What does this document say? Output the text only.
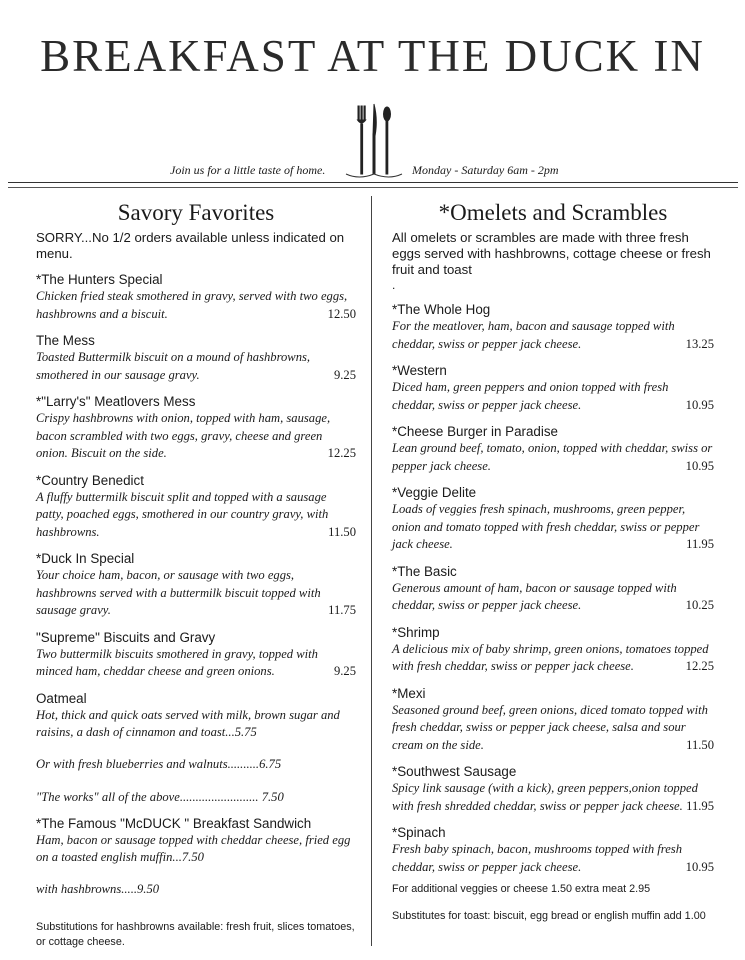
BREAKFAST AT THE DUCK IN
Join us for a little taste of home.	Monday - Saturday 6am - 2pm
Savory Favorites
SORRY...No 1/2 orders available unless indicated on menu.
*The Hunters Special
Chicken fried steak smothered in gravy, served with two eggs, hashbrowns and a biscuit.	12.50
The Mess
Toasted Buttermilk biscuit on a mound of hashbrowns, smothered in our sausage gravy.	9.25
*"Larry's" Meatlovers Mess
Crispy hashbrowns with onion, topped with ham, sausage, bacon scrambled with two eggs, gravy, cheese and green onion. Biscuit on the side.	12.25
*Country Benedict
A fluffy buttermilk biscuit split and topped with a sausage patty, poached eggs, smothered in our country gravy, with hashbrowns.	11.50
*Duck In Special
Your choice ham, bacon, or sausage with two eggs, hashbrowns served with a buttermilk biscuit topped with sausage gravy.	11.75
"Supreme" Biscuits and Gravy
Two buttermilk biscuits smothered in gravy, topped with minced ham, cheddar cheese and green onions.	9.25
Oatmeal
Hot, thick and quick oats served with milk, brown sugar and raisins, a dash of cinnamon and toast...5.75
Or with fresh blueberries and walnuts..........6.75
"The works" all of the above......................... 7.50
*The Famous "McDUCK " Breakfast Sandwich
Ham, bacon or sausage topped with cheddar cheese, fried egg on a toasted english muffin...7.50
with hashbrowns.....9.50
Substitutions for hashbrowns available: fresh fruit, slices tomatoes, or cottage cheese.
*Omelets and Scrambles
All omelets or scrambles are made with three fresh eggs served with hashbrowns, cottage cheese or fresh fruit and toast
.
*The Whole Hog
For the meatlover, ham, bacon and sausage topped with cheddar, swiss or pepper jack cheese.	13.25
*Western
Diced ham, green peppers and onion topped with fresh cheddar, swiss or pepper jack cheese.	10.95
*Cheese Burger in Paradise
Lean ground beef, tomato, onion, topped with cheddar, swiss or pepper jack cheese.	10.95
*Veggie Delite
Loads of veggies fresh spinach, mushrooms, green pepper, onion and tomato topped with fresh cheddar, swiss or pepper jack cheese.	11.95
*The Basic
Generous amount of ham, bacon or sausage topped with cheddar, swiss or pepper jack cheese.	10.25
*Shrimp
A delicious mix of baby shrimp, green onions, tomatoes topped with fresh cheddar, swiss or pepper jack cheese.	12.25
*Mexi
Seasoned ground beef, green onions, diced tomato topped with fresh cheddar, swiss or pepper jack cheese, salsa and sour cream on the side.	11.50
*Southwest Sausage
Spicy link sausage (with a kick), green peppers,onion topped with fresh shredded cheddar, swiss or pepper jack cheese. 11.95
*Spinach
Fresh baby spinach, bacon, mushrooms topped with fresh cheddar, swiss or pepper jack cheese.	10.95
For additional veggies or cheese 1.50 extra meat 2.95
Substitutes for toast: biscuit, egg bread or english muffin add 1.00
